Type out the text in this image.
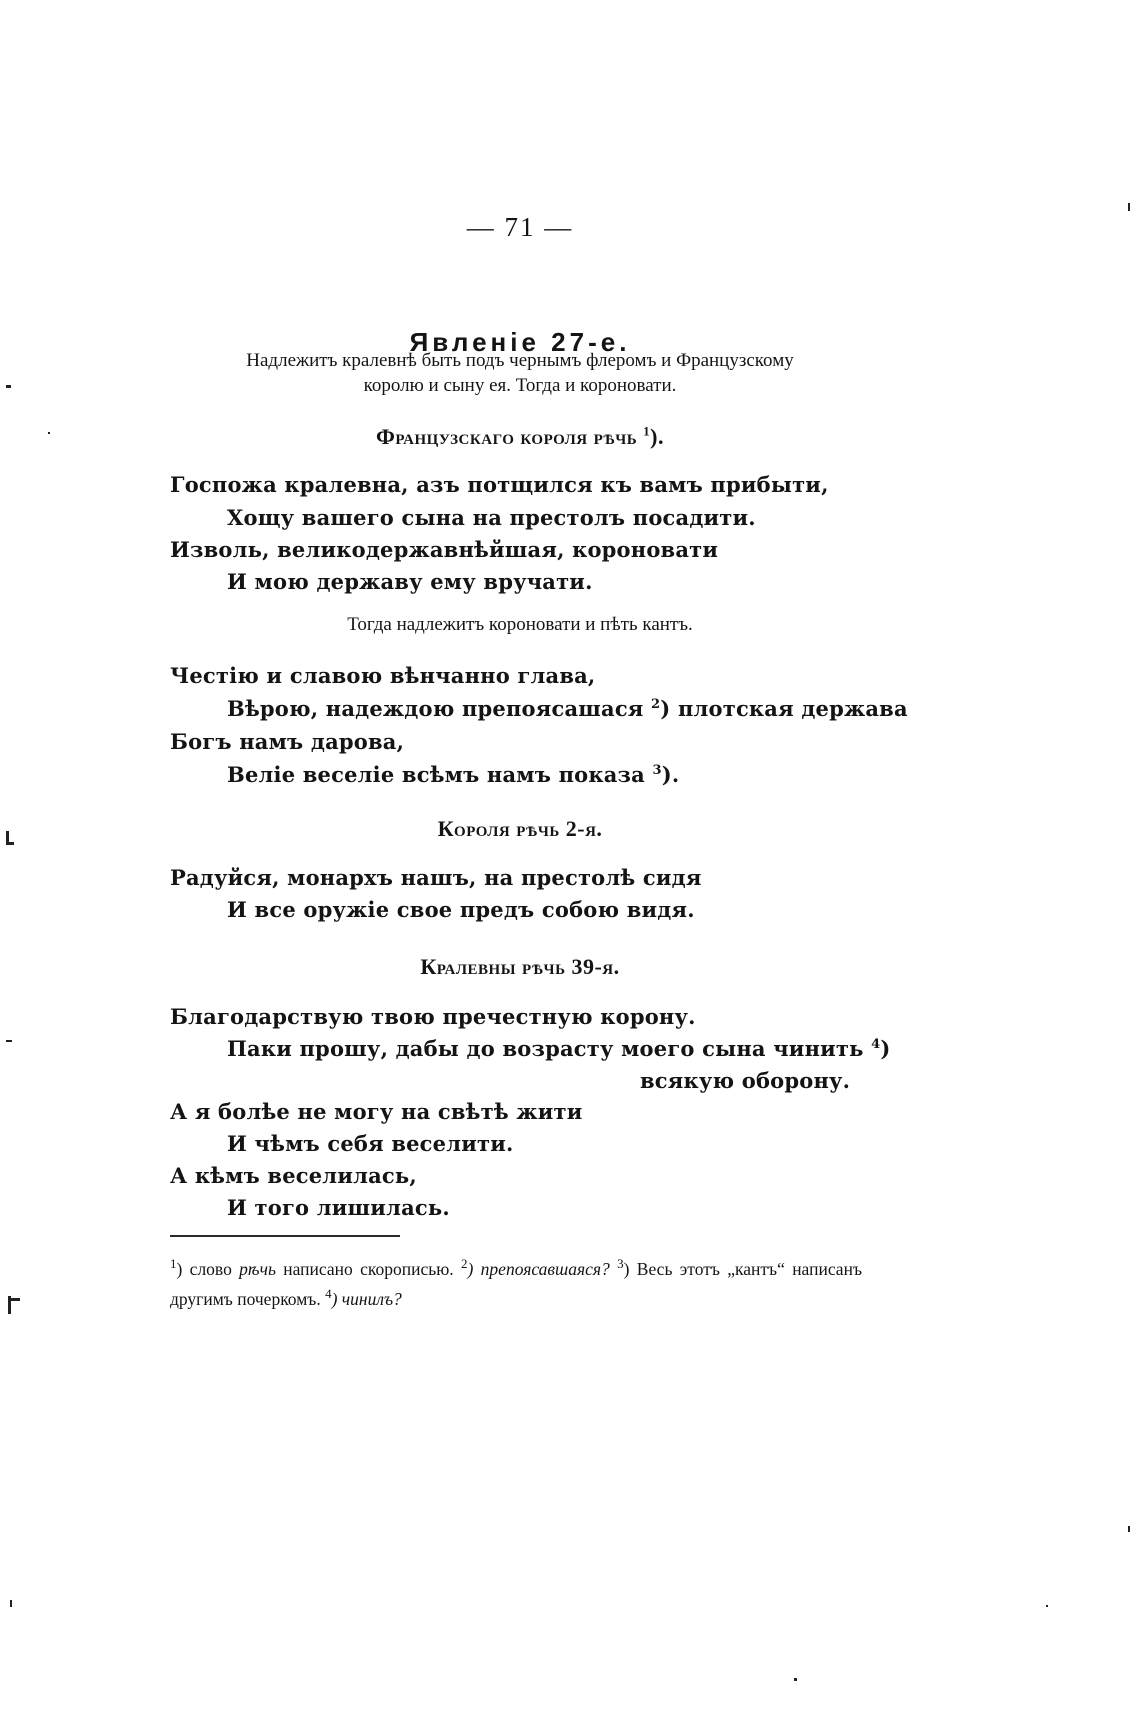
— 71 —
Явленіе 27-е.
Надлежитъ кралевнѣ быть подъ чернымъ флеромъ и Французскому
королю и сыну ея. Тогда и короновати.
Французскаго короля рѣчь $^1$).
Госпожа кралевна, азъ потщился къ вамъ прибыти,
Хощу вашего сына на престолъ посадити.
Изволь, великодержавнѣйшая, короновати
И мою державу ему вручати.
Тогда надлежитъ короновати и пѣть кантъ.
Честію и славою вѣнчанно глава,
Вѣрою, надеждою препоясашася $^2$) плотская держава
Богъ намъ дарова,
Веліе веселіе всѣмъ намъ показа $^3$).
Короля рѣчь 2-я.
Радуйся, монархъ нашъ, на престолѣ сидя
И все оружіе свое предъ собою видя.
Кралевны рѣчь 39-я.
Благодарствую твою пречестную корону.
Паки прошу, дабы до возрасту моего сына чинить $^4$)
всякую оборону.
А я болѣе не могу на свѣтѣ жити
И чѣмъ себя веселити.
А кѣмъ веселилась,
И того лишилась.
$^1$) слово рѣчь написано скорописью. $^2$) препоясавшаяся? $^3$) Весь этотъ „кантъ“ написанъ другимъ почеркомъ. $^4$) чинилъ?
